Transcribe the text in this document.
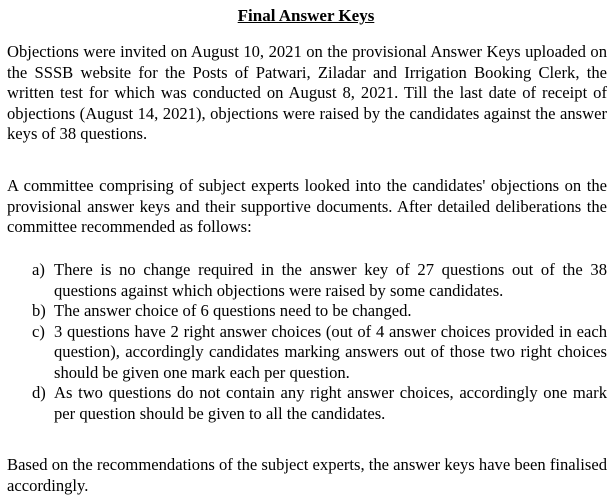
Final Answer Keys

Objections were invited on August 10, 2021 on the provisional Answer Keys uploaded on the SSSB website for the Posts of Patwari, Ziladar and Irrigation Booking Clerk, the written test for which was conducted on August 8, 2021. Till the last date of receipt of objections (August 14, 2021), objections were raised by the candidates against the answer keys of 38 questions.

A committee comprising of subject experts looked into the candidates' objections on the provisional answer keys and their supportive documents. After detailed deliberations the committee recommended as follows:

a) There is no change required in the answer key of 27 questions out of the 38 questions against which objections were raised by some candidates.
b) The answer choice of 6 questions need to be changed.
c) 3 questions have 2 right answer choices (out of 4 answer choices provided in each question), accordingly candidates marking answers out of those two right choices should be given one mark each per question.
d) As two questions do not contain any right answer choices, accordingly one mark per question should be given to all the candidates.

Based on the recommendations of the subject experts, the answer keys have been finalised accordingly.
